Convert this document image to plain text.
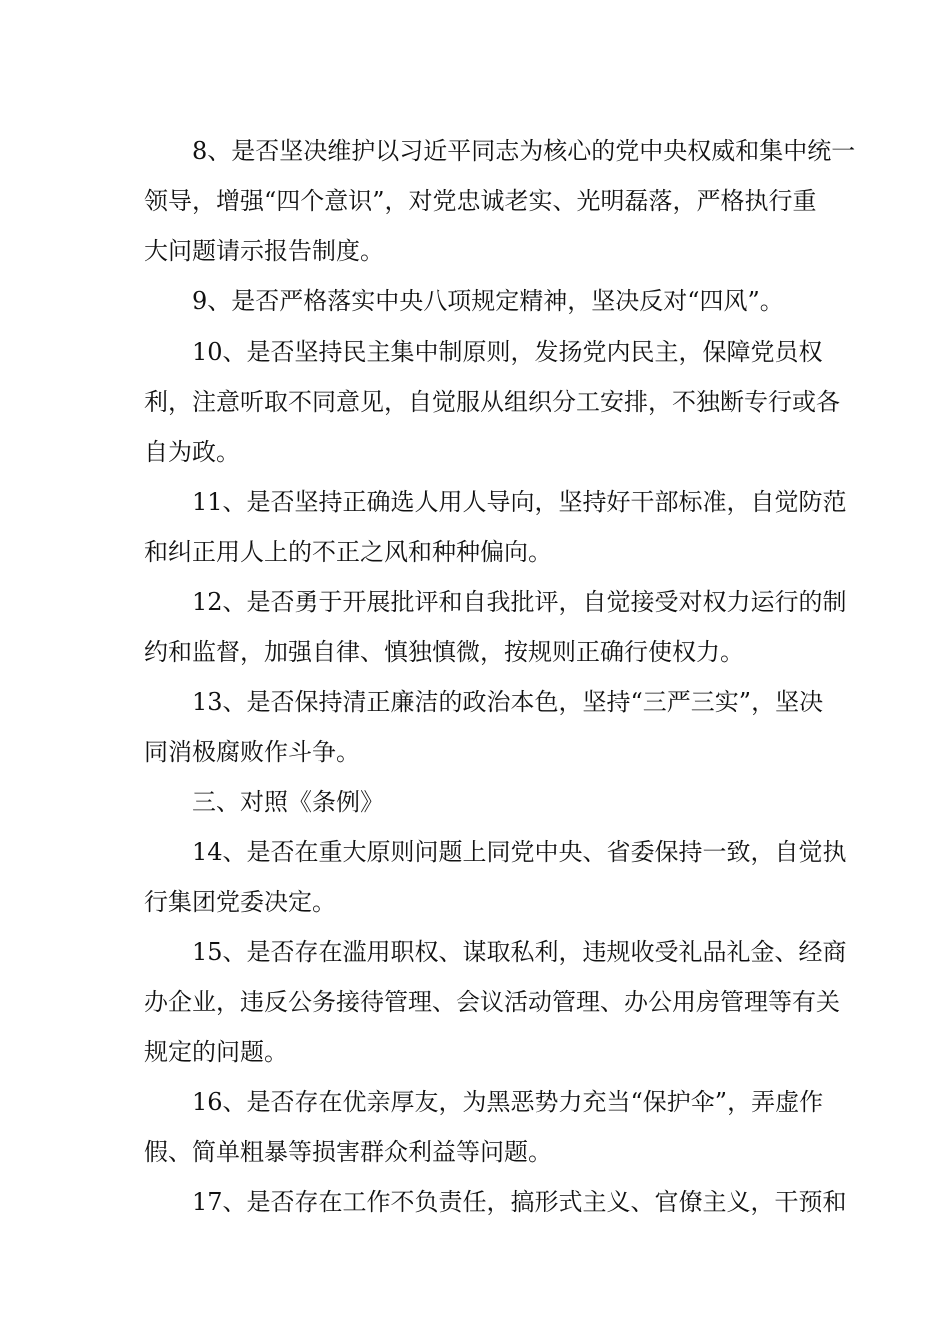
8、是否坚决维护以习近平同志为核心的党中央权威和集中统一
领导，增强“四个意识”，对党忠诚老实、光明磊落，严格执行重
大问题请示报告制度。
9、是否严格落实中央八项规定精神，坚决反对“四风”。
10、是否坚持民主集中制原则，发扬党内民主，保障党员权
利，注意听取不同意见，自觉服从组织分工安排，不独断专行或各
自为政。
11、是否坚持正确选人用人导向，坚持好干部标准，自觉防范
和纠正用人上的不正之风和种种偏向。
12、是否勇于开展批评和自我批评，自觉接受对权力运行的制
约和监督，加强自律、慎独慎微，按规则正确行使权力。
13、是否保持清正廉洁的政治本色，坚持“三严三实”，坚决
同消极腐败作斗争。
三、对照《条例》
14、是否在重大原则问题上同党中央、省委保持一致，自觉执
行集团党委决定。
15、是否存在滥用职权、谋取私利，违规收受礼品礼金、经商
办企业，违反公务接待管理、会议活动管理、办公用房管理等有关
规定的问题。
16、是否存在优亲厚友，为黑恶势力充当“保护伞”，弄虚作
假、简单粗暴等损害群众利益等问题。
17、是否存在工作不负责任，搞形式主义、官僚主义，干预和
